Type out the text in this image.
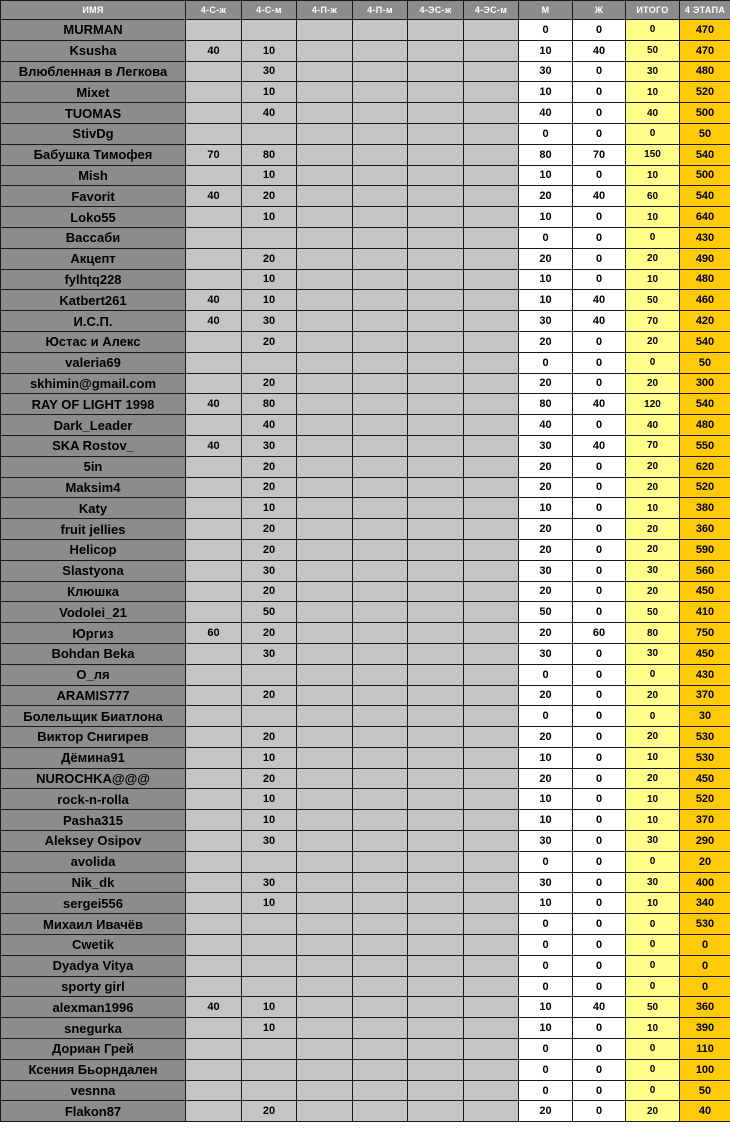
ИМЯ	4-С-ж	4-С-м	4-П-ж	4-П-м	4-ЭС-ж	4-ЭС-м	М	Ж	ИТОГО	4 ЭТАПА
MURMAN							0	0	0	470
Ksusha	40	10					10	40	50	470
Влюбленная в Легкова		30					30	0	30	480
Mixet		10					10	0	10	520
TUOMAS		40					40	0	40	500
StivDg							0	0	0	50
Бабушка Тимофея	70	80					80	70	150	540
Mish		10					10	0	10	500
Favorit	40	20					20	40	60	540
Loko55		10					10	0	10	640
Вассаби							0	0	0	430
Акцепт		20					20	0	20	490
fylhtq228		10					10	0	10	480
Katbert261	40	10					10	40	50	460
И.С.П.	40	30					30	40	70	420
Юстас и Алекс		20					20	0	20	540
valeria69							0	0	0	50
skhimin@gmail.com		20					20	0	20	300
RAY OF LIGHT 1998	40	80					80	40	120	540
Dark_Leader		40					40	0	40	480
SKA Rostov_	40	30					30	40	70	550
5in		20					20	0	20	620
Maksim4		20					20	0	20	520
Katy		10					10	0	10	380
fruit jellies		20					20	0	20	360
Helicop		20					20	0	20	590
Slastyona		30					30	0	30	560
Клюшка		20					20	0	20	450
Vodolei_21		50					50	0	50	410
Юргиз	60	20					20	60	80	750
Bohdan Beka		30					30	0	30	450
О_ля							0	0	0	430
ARAMIS777		20					20	0	20	370
Болельщик Биатлона							0	0	0	30
Виктор Снигирев		20					20	0	20	530
Дёмина91		10					10	0	10	530
NUROCHKA@@@		20					20	0	20	450
rock-n-rolla		10					10	0	10	520
Pasha315		10					10	0	10	370
Aleksey Osipov		30					30	0	30	290
avolida							0	0	0	20
Nik_dk		30					30	0	30	400
sergei556		10					10	0	10	340
Михаил Ивачёв							0	0	0	530
Cwetik							0	0	0	0
Dyadya Vitya							0	0	0	0
sporty girl							0	0	0	0
alexman1996	40	10					10	40	50	360
snegurka		10					10	0	10	390
Дориан Грей							0	0	0	110
Ксения Бьорндален							0	0	0	100
vesnna							0	0	0	50
Flakon87		20					20	0	20	40
